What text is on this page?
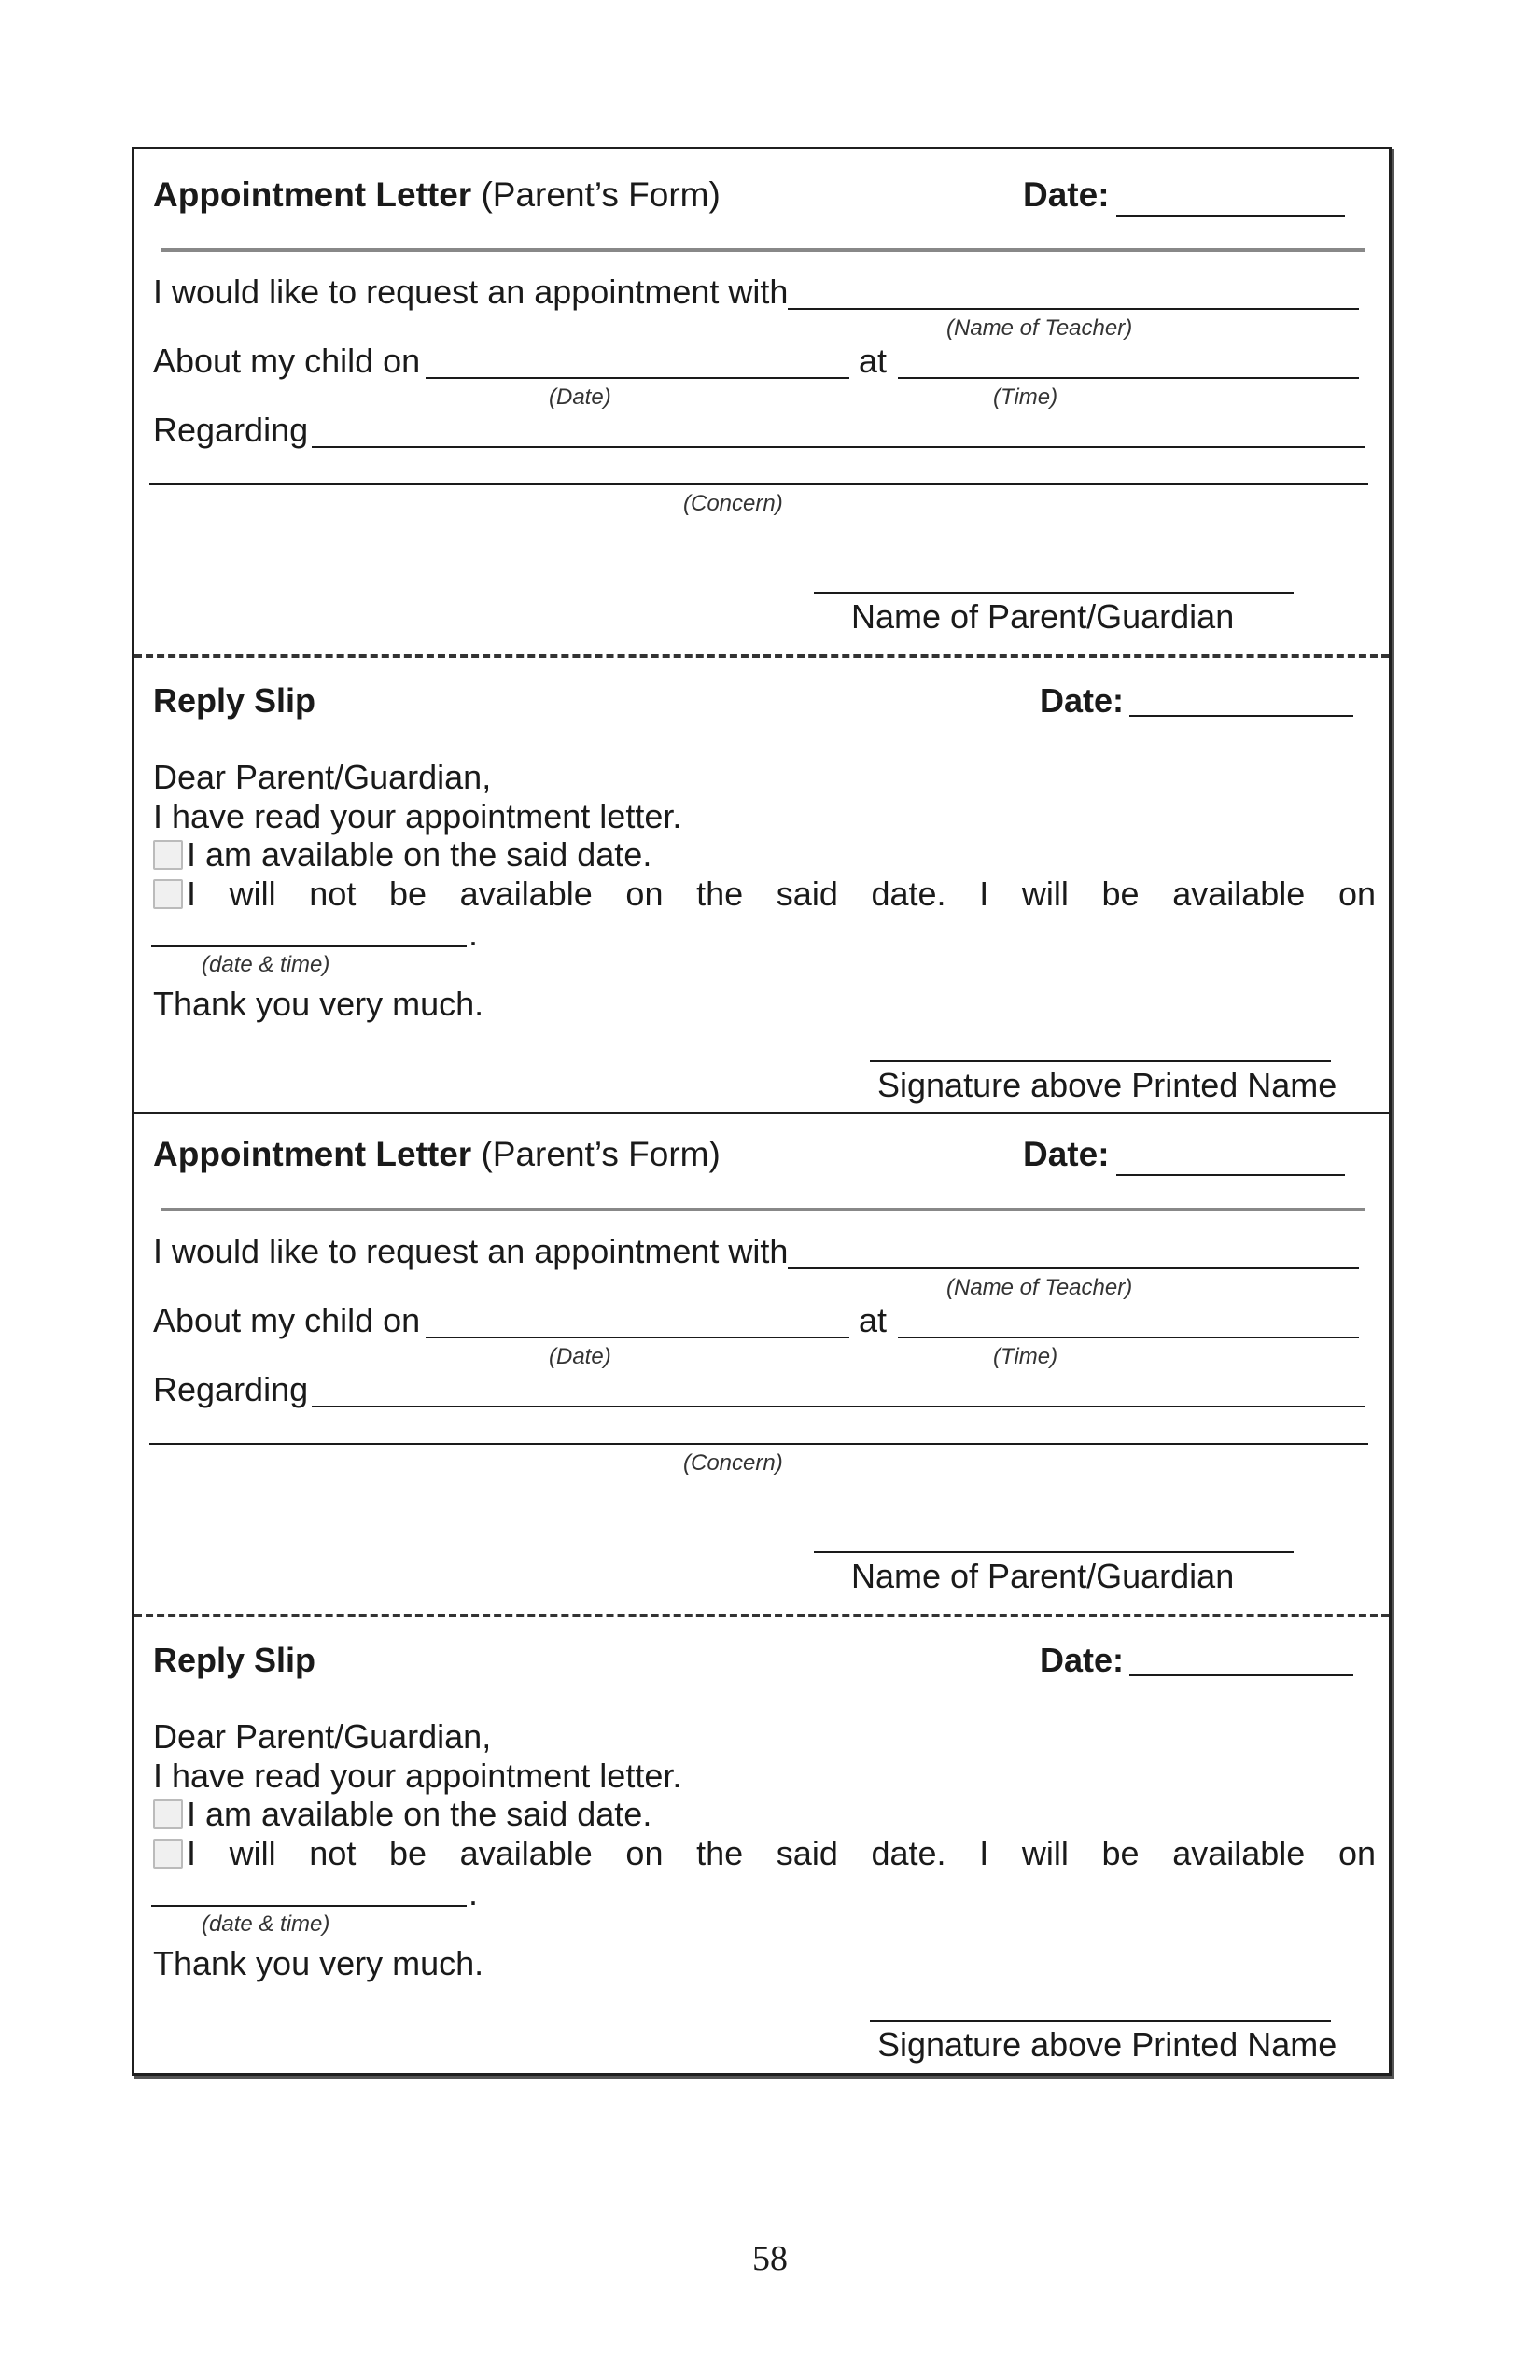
Appointment Letter (Parent’s Form)	Date:
I would like to request an appointment with
(Name of Teacher)
About my child on	at
(Date)	(Time)
Regarding
(Concern)
Name of Parent/Guardian
Reply Slip	Date:
Dear Parent/Guardian,
I have read your appointment letter.
I am available on the said date.
I will not be available on the said date. I will be available on
.
(date & time)
Thank you very much.
Signature above Printed Name
Appointment Letter (Parent’s Form)	Date:
I would like to request an appointment with
(Name of Teacher)
About my child on	at
(Date)	(Time)
Regarding
(Concern)
Name of Parent/Guardian
Reply Slip	Date:
Dear Parent/Guardian,
I have read your appointment letter.
I am available on the said date.
I will not be available on the said date. I will be available on
.
(date & time)
Thank you very much.
Signature above Printed Name
58
